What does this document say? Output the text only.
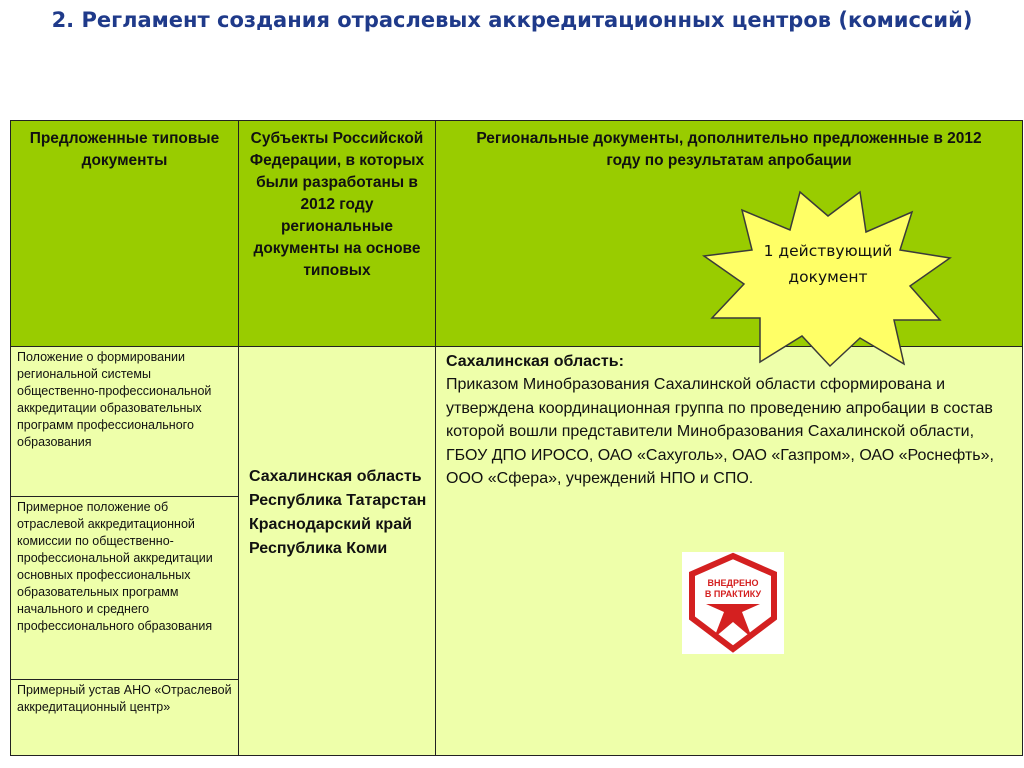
2. Регламент создания отраслевых аккредитационных центров (комиссий)
Предложенные типовые документы
Субъекты Российской Федерации, в которых были разработаны в 2012 году региональные документы на основе типовых
Региональные документы, дополнительно предложенные в 2012 году по результатам апробации
Положение о формировании региональной системы общественно-профессиональной аккредитации образовательных программ профессионального образования
Примерное положение об отраслевой аккредитационной комиссии по общественно-профессиональной аккредитации основных профессиональных образовательных программ начального и среднего профессионального образования
Примерный устав АНО «Отраслевой аккредитационный центр»
Сахалинская область
Республика Татарстан
Краснодарский край
Республика Коми
Сахалинская область:
Приказом Минобразования Сахалинской области сформирована и утверждена координационная группа по проведению апробации в состав которой вошли представители Минобразования Сахалинской области, ГБОУ ДПО ИРОСО, ОАО «Сахуголь», ОАО «Газпром», ОАО «Роснефть», ООО «Сфера», учреждений НПО и СПО.
1 действующий документ
ВНЕДРЕНО
В ПРАКТИКУ
